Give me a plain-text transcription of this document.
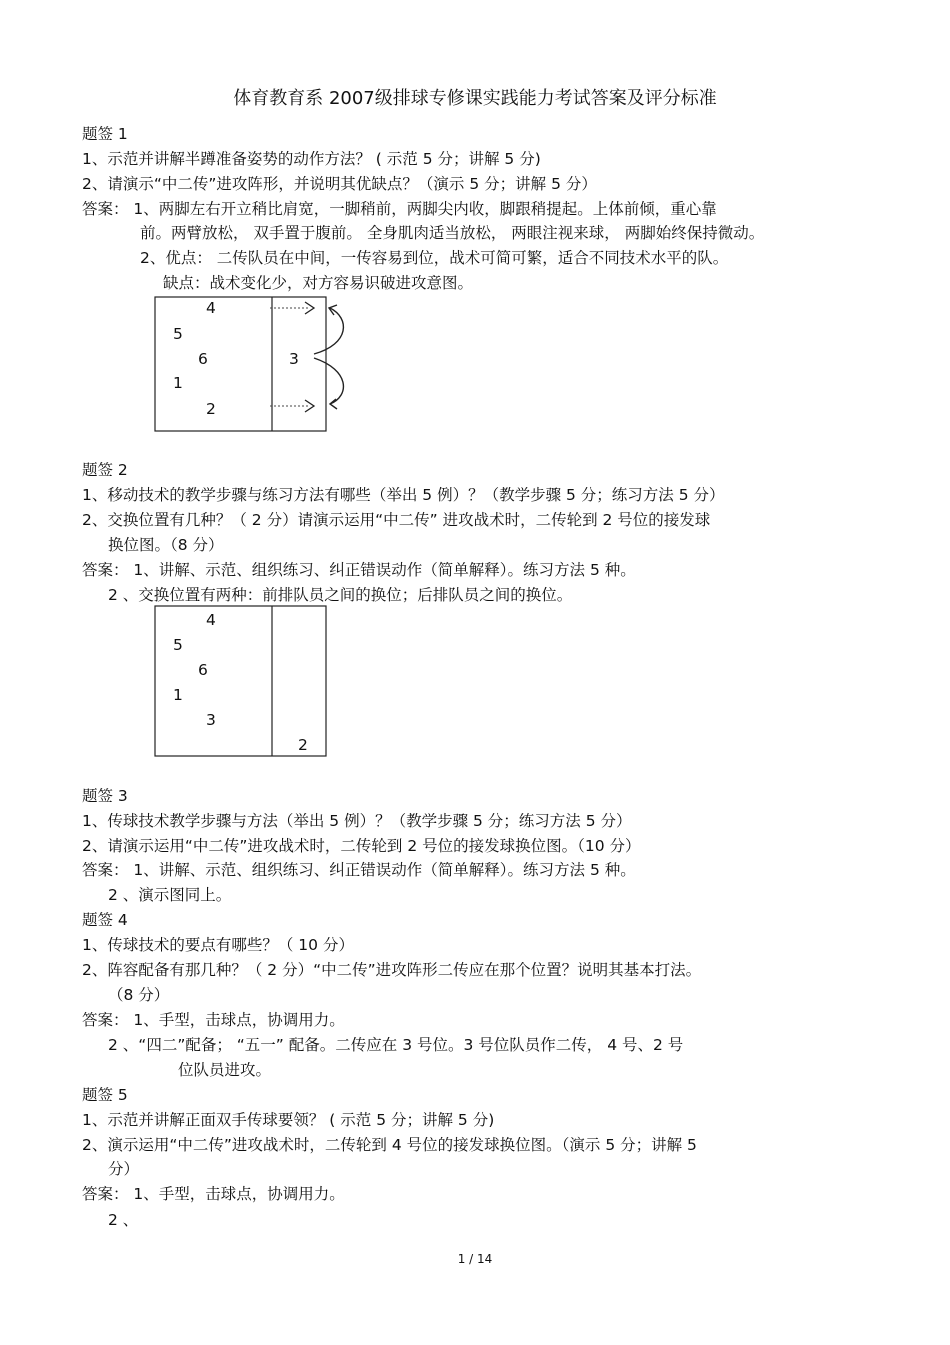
体育教育系 2007级排球专修课实践能力考试答案及评分标准
题签 1
1、示范并讲解半蹲准备姿势的动作方法？ ( 示范 5 分；讲解 5 分)
2、请演示“中二传”进攻阵形，并说明其优缺点？（演示 5 分；讲解 5 分）
答案： 1、两脚左右开立稍比肩宽，一脚稍前，两脚尖内收，脚跟稍提起。上体前倾，重心靠
前。两臂放松， 双手置于腹前。 全身肌肉适当放松， 两眼注视来球， 两脚始终保持微动。
2、优点： 二传队员在中间，一传容易到位，战术可简可繁，适合不同技术水平的队。
缺点：战术变化少，对方容易识破进攻意图。
4
5
6	3
1
2
题签 2
1、移动技术的教学步骤与练习方法有哪些（举出 5 例）？（教学步骤 5 分；练习方法 5 分）
2、交换位置有几种？（ 2 分）请演示运用“中二传” 进攻战术时，二传轮到 2 号位的接发球
换位图。（8 分）
答案： 1、讲解、示范、组织练习、纠正错误动作（简单解释）。练习方法 5 种。
2 、交换位置有两种：前排队员之间的换位；后排队员之间的换位。
4
5
6
1
3
2
题签 3
1、传球技术教学步骤与方法（举出 5 例）？（教学步骤 5 分；练习方法 5 分）
2、请演示运用“中二传”进攻战术时，二传轮到 2 号位的接发球换位图。（10 分）
答案： 1、讲解、示范、组织练习、纠正错误动作（简单解释）。练习方法 5 种。
2 、演示图同上。
题签 4
1、传球技术的要点有哪些？（ 10 分）
2、阵容配备有那几种？（ 2 分）“中二传”进攻阵形二传应在那个位置？说明其基本打法。
（8 分）
答案： 1、手型，击球点，协调用力。
2 、“四二”配备； “五一” 配备。二传应在 3 号位。3 号位队员作二传， 4 号、2 号
位队员进攻。
题签 5
1、示范并讲解正面双手传球要领？ ( 示范 5 分；讲解 5 分)
2、演示运用“中二传”进攻战术时，二传轮到 4 号位的接发球换位图。（演示 5 分；讲解 5
分）
答案： 1、手型，击球点，协调用力。
2 、
1 / 14
